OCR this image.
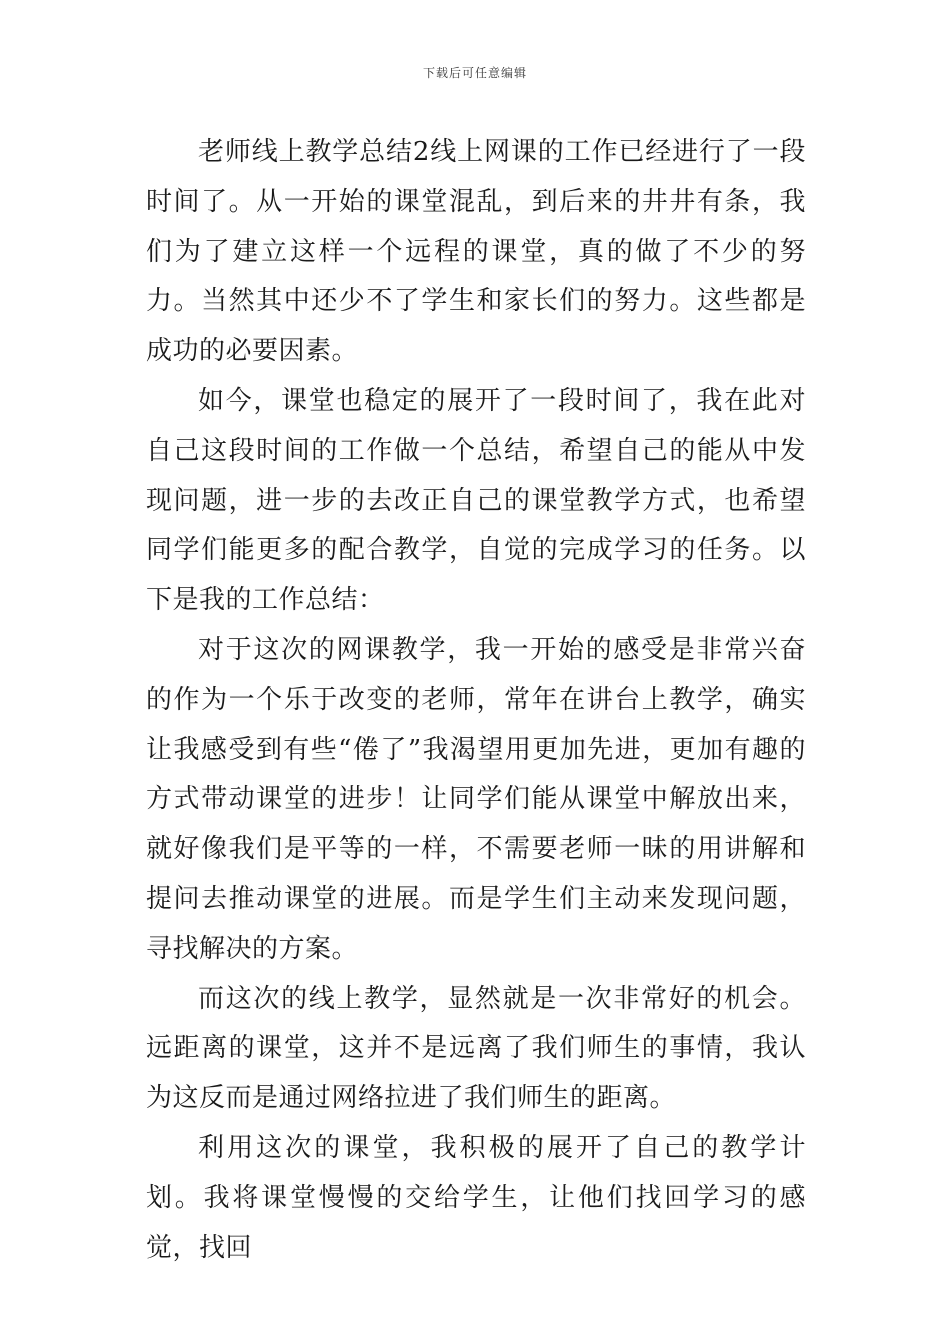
下载后可任意编辑

老师线上教学总结2线上网课的工作已经进行了一段时间了。从一开始的课堂混乱，到后来的井井有条，我们为了建立这样一个远程的课堂，真的做了不少的努力。当然其中还少不了学生和家长们的努力。这些都是成功的必要因素。

如今，课堂也稳定的展开了一段时间了，我在此对自己这段时间的工作做一个总结，希望自己的能从中发现问题，进一步的去改正自己的课堂教学方式，也希望同学们能更多的配合教学，自觉的完成学习的任务。以下是我的工作总结：

对于这次的网课教学，我一开始的感受是非常兴奋的作为一个乐于改变的老师，常年在讲台上教学，确实让我感受到有些“倦了”我渴望用更加先进，更加有趣的方式带动课堂的进步！让同学们能从课堂中解放出来，就好像我们是平等的一样，不需要老师一昧的用讲解和提问去推动课堂的进展。而是学生们主动来发现问题，寻找解决的方案。

而这次的线上教学，显然就是一次非常好的机会。远距离的课堂，这并不是远离了我们师生的事情，我认为这反而是通过网络拉进了我们师生的距离。

利用这次的课堂，我积极的展开了自己的教学计划。我将课堂慢慢的交给学生，让他们找回学习的感觉，找回
